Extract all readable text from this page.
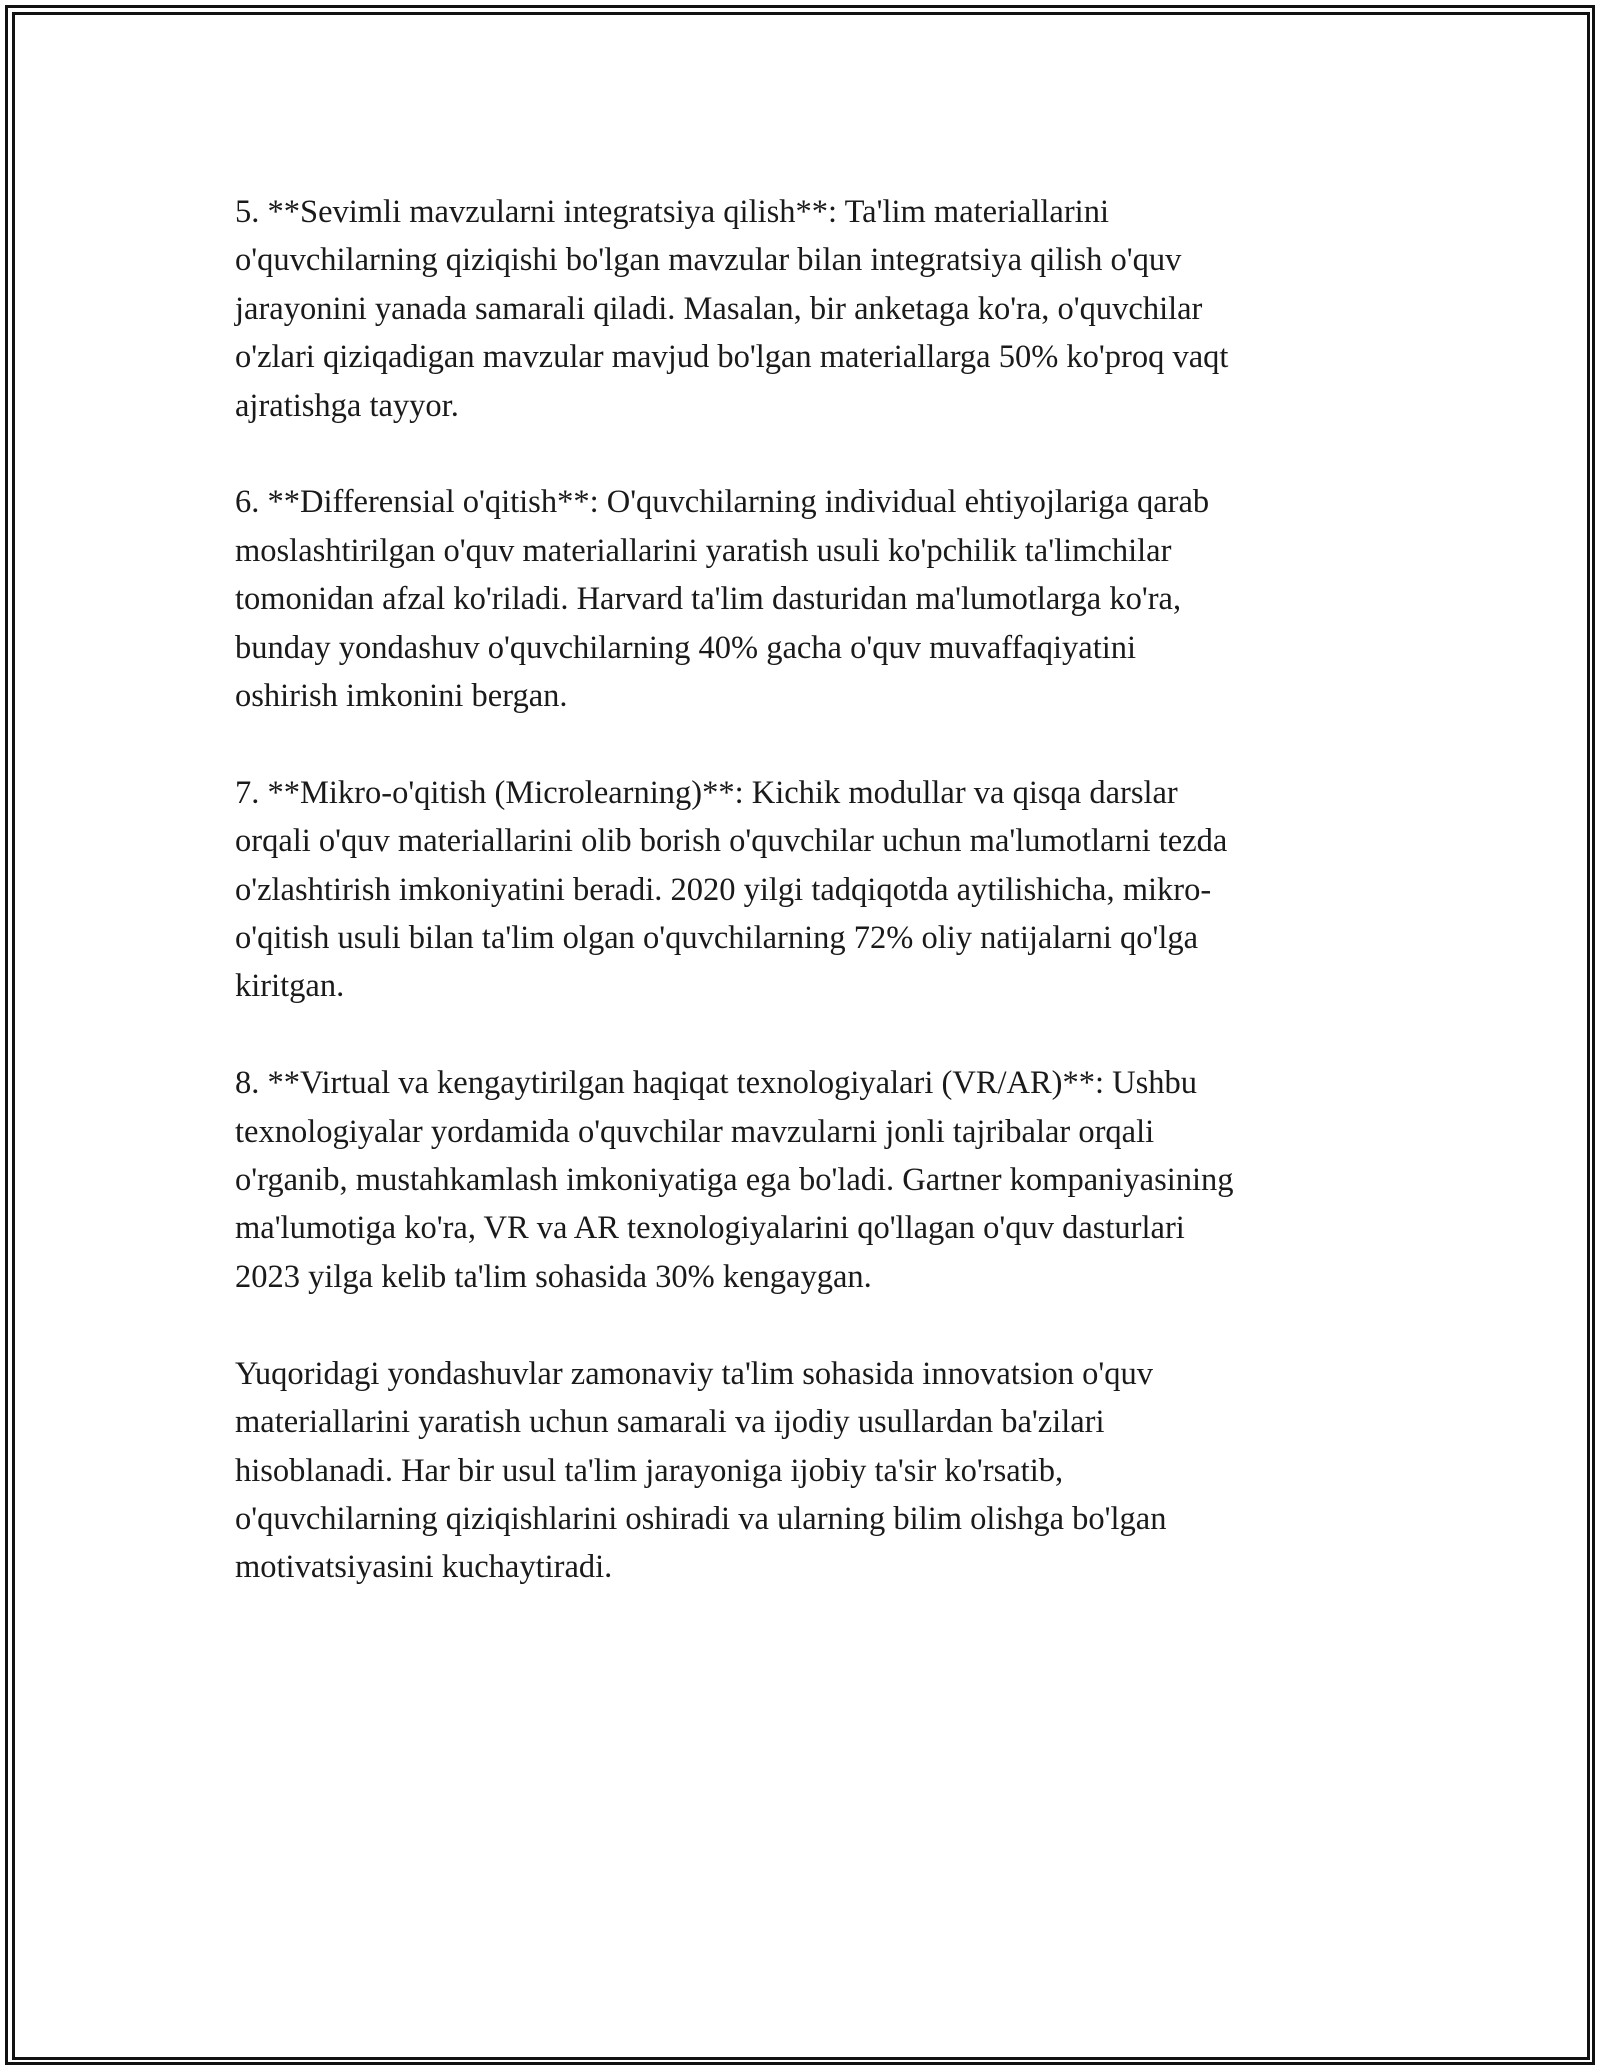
5. **Sevimli mavzularni integratsiya qilish**: Ta'lim materiallarini
o'quvchilarning qiziqishi bo'lgan mavzular bilan integratsiya qilish o'quv
jarayonini yanada samarali qiladi. Masalan, bir anketaga ko'ra, o'quvchilar
o'zlari qiziqadigan mavzular mavjud bo'lgan materiallarga 50% ko'proq vaqt
ajratishga tayyor.
6. **Differensial o'qitish**: O'quvchilarning individual ehtiyojlariga qarab
moslashtirilgan o'quv materiallarini yaratish usuli ko'pchilik ta'limchilar
tomonidan afzal ko'riladi. Harvard ta'lim dasturidan ma'lumotlarga ko'ra,
bunday yondashuv o'quvchilarning 40% gacha o'quv muvaffaqiyatini
oshirish imkonini bergan.
7. **Mikro-o'qitish (Microlearning)**: Kichik modullar va qisqa darslar
orqali o'quv materiallarini olib borish o'quvchilar uchun ma'lumotlarni tezda
o'zlashtirish imkoniyatini beradi. 2020 yilgi tadqiqotda aytilishicha, mikro-
o'qitish usuli bilan ta'lim olgan o'quvchilarning 72% oliy natijalarni qo'lga
kiritgan.
8. **Virtual va kengaytirilgan haqiqat texnologiyalari (VR/AR)**: Ushbu
texnologiyalar yordamida o'quvchilar mavzularni jonli tajribalar orqali
o'rganib, mustahkamlash imkoniyatiga ega bo'ladi. Gartner kompaniyasining
ma'lumotiga ko'ra, VR va AR texnologiyalarini qo'llagan o'quv dasturlari
2023 yilga kelib ta'lim sohasida 30% kengaygan.
Yuqoridagi yondashuvlar zamonaviy ta'lim sohasida innovatsion o'quv
materiallarini yaratish uchun samarali va ijodiy usullardan ba'zilari
hisoblanadi. Har bir usul ta'lim jarayoniga ijobiy ta'sir ko'rsatib,
o'quvchilarning qiziqishlarini oshiradi va ularning bilim olishga bo'lgan
motivatsiyasini kuchaytiradi.
